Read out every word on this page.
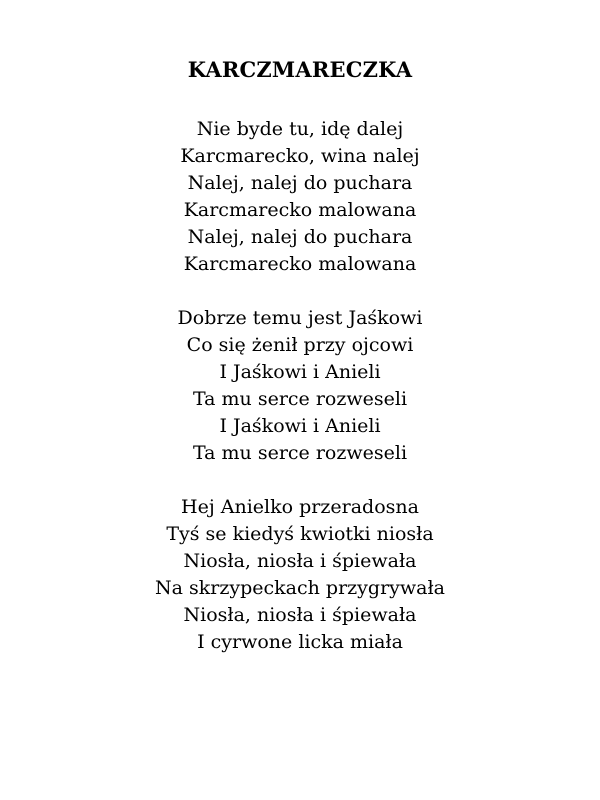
KARCZMARECZKA
Nie byde tu, idę dalej
Karcmarecko, wina nalej
Nalej, nalej do puchara
Karcmarecko malowana
Nalej, nalej do puchara
Karcmarecko malowana
Dobrze temu jest Jaśkowi
Co się żenił przy ojcowi
I Jaśkowi i Anieli
Ta mu serce rozweseli
I Jaśkowi i Anieli
Ta mu serce rozweseli
Hej Anielko przeradosna
Tyś se kiedyś kwiotki niosła
Niosła, niosła i śpiewała
Na skrzypeckach przygrywała
Niosła, niosła i śpiewała
I cyrwone licka miała
